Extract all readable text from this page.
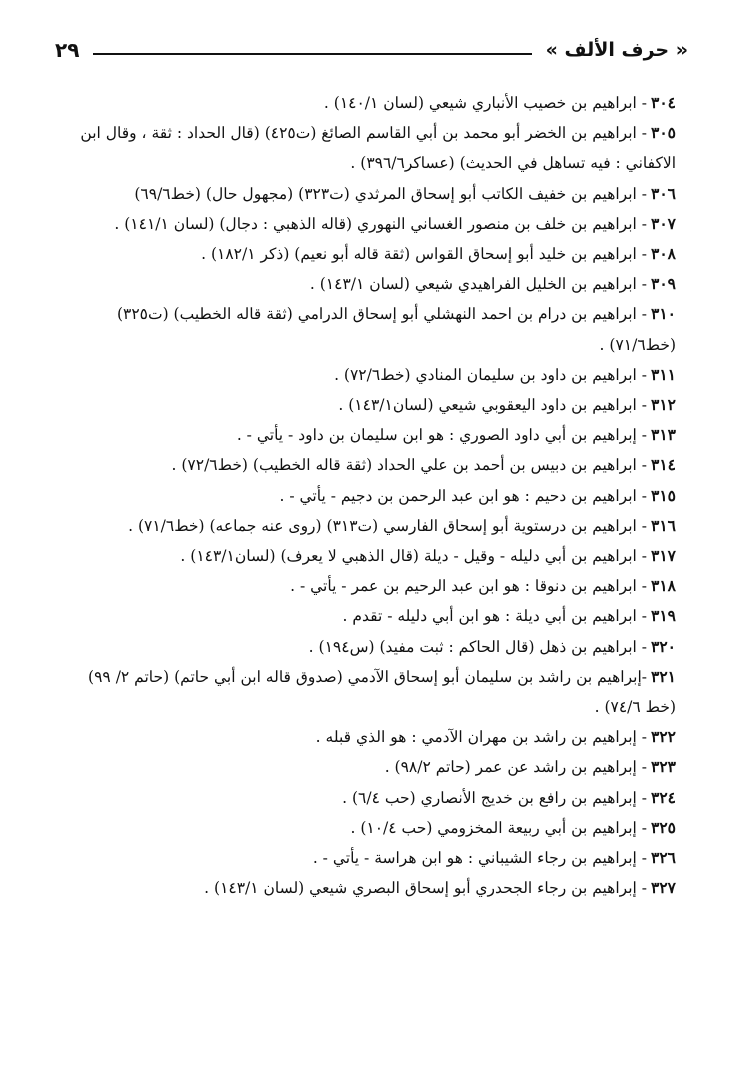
« حرف الألف »
٢٩

٣٠٤- ابراهيم بن خصيب الأنباري شيعي (لسان ١٤٠/١) .

٣٠٥- ابراهيم بن الخضر أبو محمد بن أبي القاسم الصائغ (ت٤٢٥) (قال الحداد : ثقة ، وقال ابن الاكفاني : فيه تساهل في الحديث) (عساكر٣٩٦/٦) .

٣٠٦- ابراهيم بن خفيف الكاتب أبو إسحاق المرثدي (ت٣٢٣) (مجهول حال) (خط٦٩/٦)

٣٠٧- ابراهيم بن خلف بن منصور الغساني النهوري (قاله الذهبي : دجال) (لسان ١٤١/١) .

٣٠٨- ابراهيم بن خليد أبو إسحاق القواس (ثقة قاله أبو نعيم) (ذكر ١٨٢/١) .

٣٠٩- ابراهيم بن الخليل الفراهيدي شيعي (لسان ١٤٣/١) .

٣١٠- ابراهيم بن درام بن احمد النهشلي أبو إسحاق الدرامي (ثقة قاله الخطيب) (ت٣٢٥) (خط٧١/٦) .

٣١١- ابراهيم بن داود بن سليمان المنادي (خط٧٢/٦) .

٣١٢- ابراهيم بن داود اليعقوبي شيعي (لسان١٤٣/١) .

٣١٣- إبراهيم بن أبي داود الصوري : هو ابن سليمان بن داود - يأتي - .

٣١٤- ابراهيم بن دبيس بن أحمد بن علي الحداد (ثقة قاله الخطيب) (خط٧٢/٦) .

٣١٥- ابراهيم بن دحيم : هو ابن عبد الرحمن بن دجيم - يأتي - .

٣١٦- ابراهيم بن درستوية أبو إسحاق الفارسي (ت٣١٣) (روى عنه جماعه) (خط٧١/٦) .

٣١٧- ابراهيم بن أبي دليله - وقيل - ديلة (قال الذهبي لا يعرف) (لسان١٤٣/١) .

٣١٨- ابراهيم بن دنوقا : هو ابن عبد الرحيم بن عمر - يأتي - .

٣١٩- ابراهيم بن أبي ديلة : هو ابن أبي دليله - تقدم .

٣٢٠- ابراهيم بن ذهل (قال الحاكم : ثبت مفيد) (س١٩٤) .

٣٢١-إبراهيم بن راشد بن سليمان أبو إسحاق الآدمي (صدوق قاله ابن أبي حاتم) (حاتم ٢/ ٩٩) (خط ٧٤/٦) .

٣٢٢- إبراهيم بن راشد بن مهران الآدمي : هو الذي قبله .

٣٢٣- إبراهيم بن راشد عن عمر (حاتم ٩٨/٢) .

٣٢٤- إبراهيم بن رافع بن خديج الأنصاري (حب ٦/٤) .

٣٢٥- إبراهيم بن أبي ربيعة المخزومي (حب ١٠/٤) .

٣٢٦- إبراهيم بن رجاء الشيباني : هو ابن هراسة - يأتي - .

٣٢٧- إبراهيم بن رجاء الجحدري أبو إسحاق البصري شيعي (لسان ١٤٣/١) .
